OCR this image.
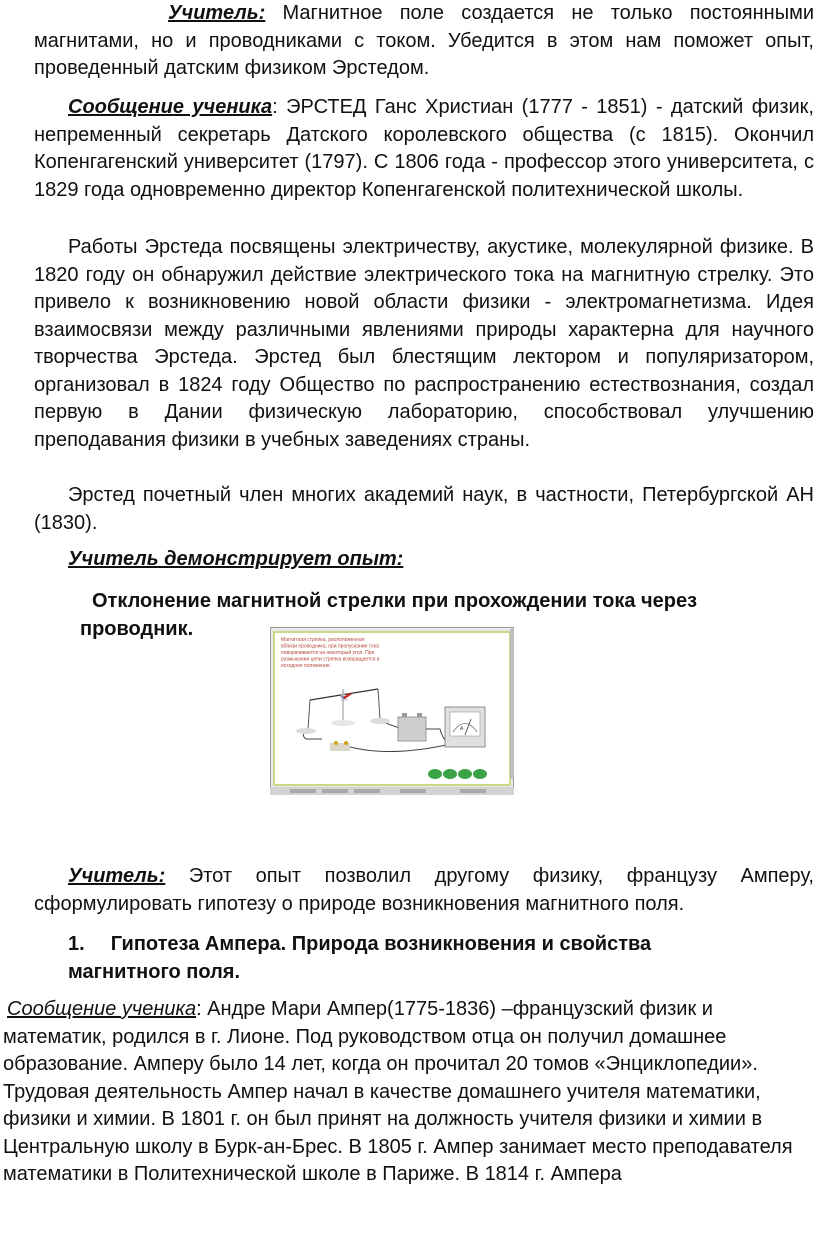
Учитель: Магнитное поле создается не только постоянными магнитами, но и проводниками с током. Убедится в этом нам поможет опыт, проведенный датским физиком Эрстедом.

Сообщение ученика: ЭРСТЕД Ганс Христиан (1777 - 1851) - датский физик, непременный секретарь Датского королевского общества (с 1815). Окончил Копенгагенский университет (1797). С 1806 года - профессор этого университета, с 1829 года одновременно директор Копенгагенской политехнической школы.

Работы Эрстеда посвящены электричеству, акустике, молекулярной физике. В 1820 году он обнаружил действие электрического тока на магнитную стрелку. Это привело к возникновению новой области физики - электромагнетизма. Идея взаимосвязи между различными явлениями природы характерна для научного творчества Эрстеда. Эрстед был блестящим лектором и популяризатором, организовал в 1824 году Общество по распространению естествознания, создал первую в Дании физическую лабораторию, способствовал улучшению преподавания физики в учебных заведениях страны.

Эрстед почетный член многих академий наук, в частности, Петербургской АН (1830).

Учитель демонстрирует опыт:

Отклонение магнитной стрелки при прохождении тока через проводник.

Магнитная стрелка, расположенная
вблизи проводника, при пропускании тока
поворачивается на некоторый угол. При
размыкании цепи стрелка возвращается в
исходное положение.
A

Учитель: Этот опыт позволил другому физику, французу Амперу, сформулировать гипотезу о природе возникновения магнитного поля.

1. Гипотеза Ампера. Природа возникновения и свойства магнитного поля.

Сообщение ученика: Андре Мари Ампер(1775-1836) –французский физик и математик, родился в г. Лионе. Под руководством отца он получил домашнее образование. Амперу было 14 лет, когда он прочитал 20 томов «Энциклопедии». Трудовая деятельность Ампер начал в качестве домашнего учителя математики, физики и химии. В 1801 г. он был принят на должность учителя физики и химии в Центральную школу в Бурк-ан-Брес. В 1805 г. Ампер занимает место преподавателя математики в Политехнической школе в Париже. В 1814 г. Ампера
